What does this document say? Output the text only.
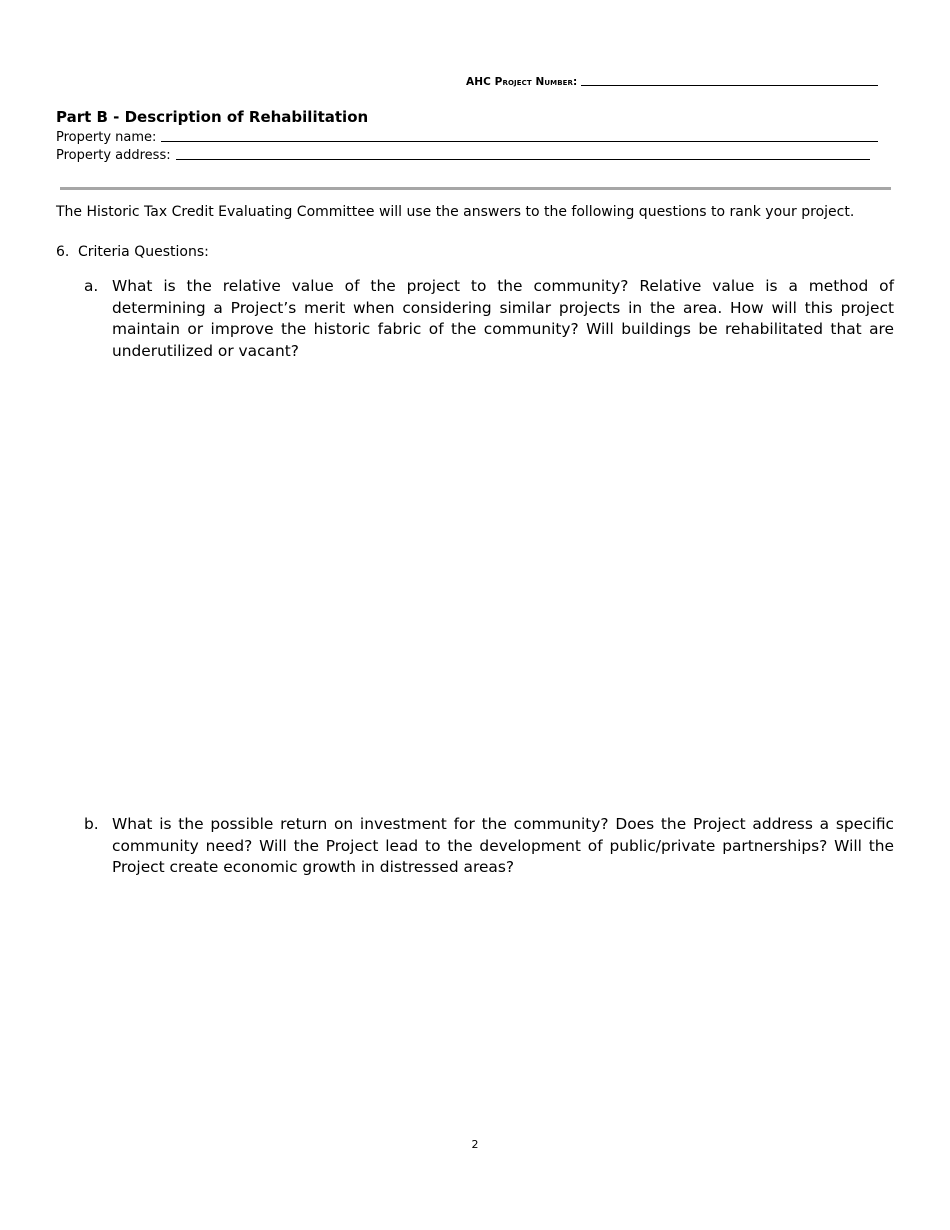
AHC Project Number:
Part B - Description of Rehabilitation
Property name:
Property address:
The Historic Tax Credit Evaluating Committee will use the answers to the following questions to rank your project.
6. Criteria Questions:
a. What is the relative value of the project to the community? Relative value is a method of determining a Project’s merit when considering similar projects in the area. How will this project maintain or improve the historic fabric of the community? Will buildings be rehabilitated that are underutilized or vacant?
b. What is the possible return on investment for the community? Does the Project address a specific community need? Will the Project lead to the development of public/private partnerships? Will the Project create economic growth in distressed areas?
2
